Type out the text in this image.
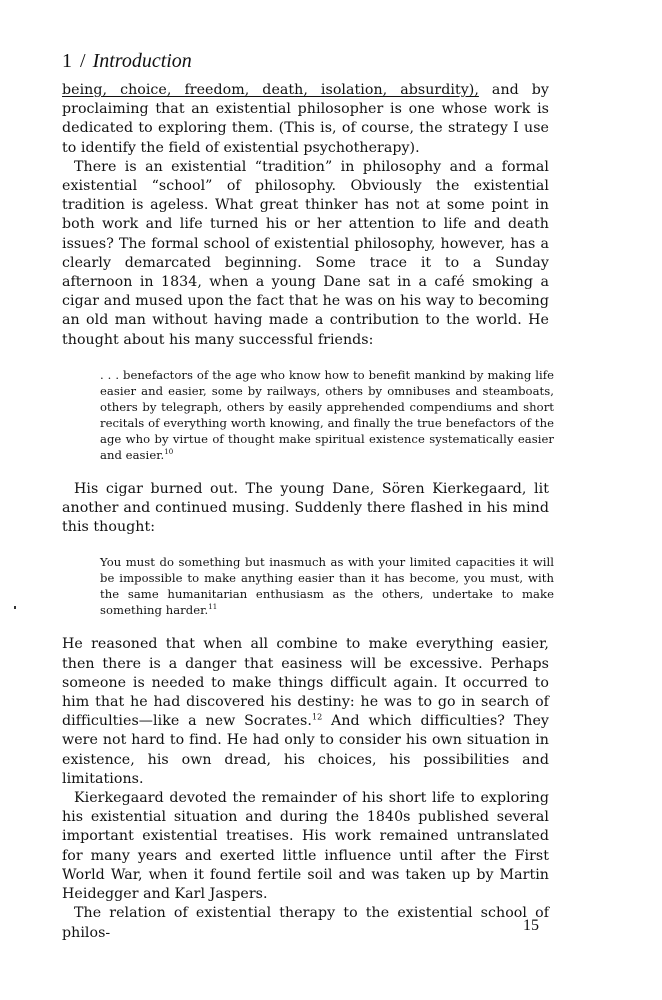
1 / Introduction

being, choice, freedom, death, isolation, absurdity), and by proclaiming that an existential philosopher is one whose work is dedicated to exploring them. (This is, of course, the strategy I use to identify the field of existential psychotherapy).

There is an existential “tradition” in philosophy and a formal existential “school” of philosophy. Obviously the existential tradition is ageless. What great thinker has not at some point in both work and life turned his or her attention to life and death issues? The formal school of existential philosophy, however, has a clearly demarcated beginning. Some trace it to a Sunday afternoon in 1834, when a young Dane sat in a café smoking a cigar and mused upon the fact that he was on his way to becoming an old man without having made a contribution to the world. He thought about his many successful friends:

. . . benefactors of the age who know how to benefit mankind by making life easier and easier, some by railways, others by omnibuses and steamboats, others by telegraph, others by easily apprehended compendiums and short recitals of everything worth knowing, and finally the true benefactors of the age who by virtue of thought make spiritual existence systematically easier and easier.$^{10}$

His cigar burned out. The young Dane, Sören Kierkegaard, lit another and continued musing. Suddenly there flashed in his mind this thought:

You must do something but inasmuch as with your limited capacities it will be impossible to make anything easier than it has become, you must, with the same humanitarian enthusiasm as the others, undertake to make something harder.$^{11}$

He reasoned that when all combine to make everything easier, then there is a danger that easiness will be excessive. Perhaps someone is needed to make things difficult again. It occurred to him that he had discovered his destiny: he was to go in search of difficulties—like a new Socrates.$^{12}$ And which difficulties? They were not hard to find. He had only to consider his own situation in existence, his own dread, his choices, his possibilities and limitations.

Kierkegaard devoted the remainder of his short life to exploring his existential situation and during the 1840s published several important existential treatises. His work remained untranslated for many years and exerted little influence until after the First World War, when it found fertile soil and was taken up by Martin Heidegger and Karl Jaspers.

The relation of existential therapy to the existential school of philos-	15
